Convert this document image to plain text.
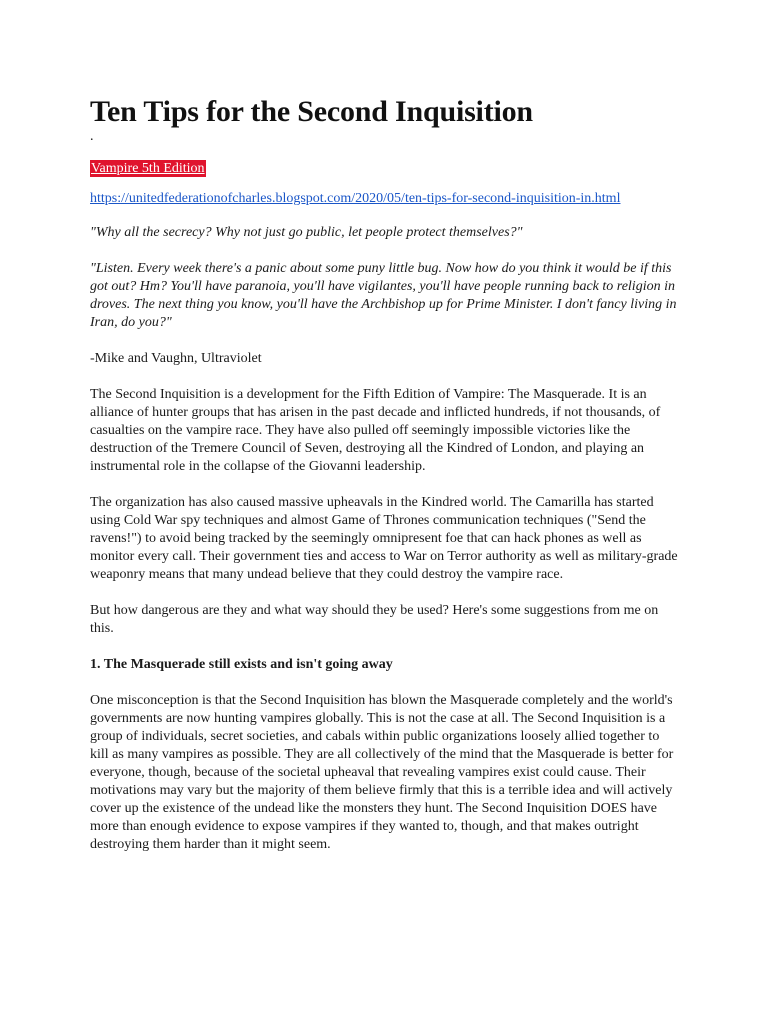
Ten Tips for the Second Inquisition
.
Vampire 5th Edition

https://unitedfederationofcharles.blogspot.com/2020/05/ten-tips-for-second-inquisition-in.html

"Why all the secrecy? Why not just go public, let people protect themselves?"

"Listen. Every week there's a panic about some puny little bug. Now how do you think it would be if this got out? Hm? You'll have paranoia, you'll have vigilantes, you'll have people running back to religion in droves. The next thing you know, you'll have the Archbishop up for Prime Minister. I don't fancy living in Iran, do you?"

-Mike and Vaughn, Ultraviolet

The Second Inquisition is a development for the Fifth Edition of Vampire: The Masquerade. It is an alliance of hunter groups that has arisen in the past decade and inflicted hundreds, if not thousands, of casualties on the vampire race. They have also pulled off seemingly impossible victories like the destruction of the Tremere Council of Seven, destroying all the Kindred of London, and playing an instrumental role in the collapse of the Giovanni leadership.

The organization has also caused massive upheavals in the Kindred world. The Camarilla has started using Cold War spy techniques and almost Game of Thrones communication techniques ("Send the ravens!") to avoid being tracked by the seemingly omnipresent foe that can hack phones as well as monitor every call. Their government ties and access to War on Terror authority as well as military-grade weaponry means that many undead believe that they could destroy the vampire race.

But how dangerous are they and what way should they be used? Here's some suggestions from me on this.

1. The Masquerade still exists and isn't going away

One misconception is that the Second Inquisition has blown the Masquerade completely and the world's governments are now hunting vampires globally. This is not the case at all. The Second Inquisition is a group of individuals, secret societies, and cabals within public organizations loosely allied together to kill as many vampires as possible. They are all collectively of the mind that the Masquerade is better for everyone, though, because of the societal upheaval that revealing vampires exist could cause. Their motivations may vary but the majority of them believe firmly that this is a terrible idea and will actively cover up the existence of the undead like the monsters they hunt. The Second Inquisition DOES have more than enough evidence to expose vampires if they wanted to, though, and that makes outright destroying them harder than it might seem.
